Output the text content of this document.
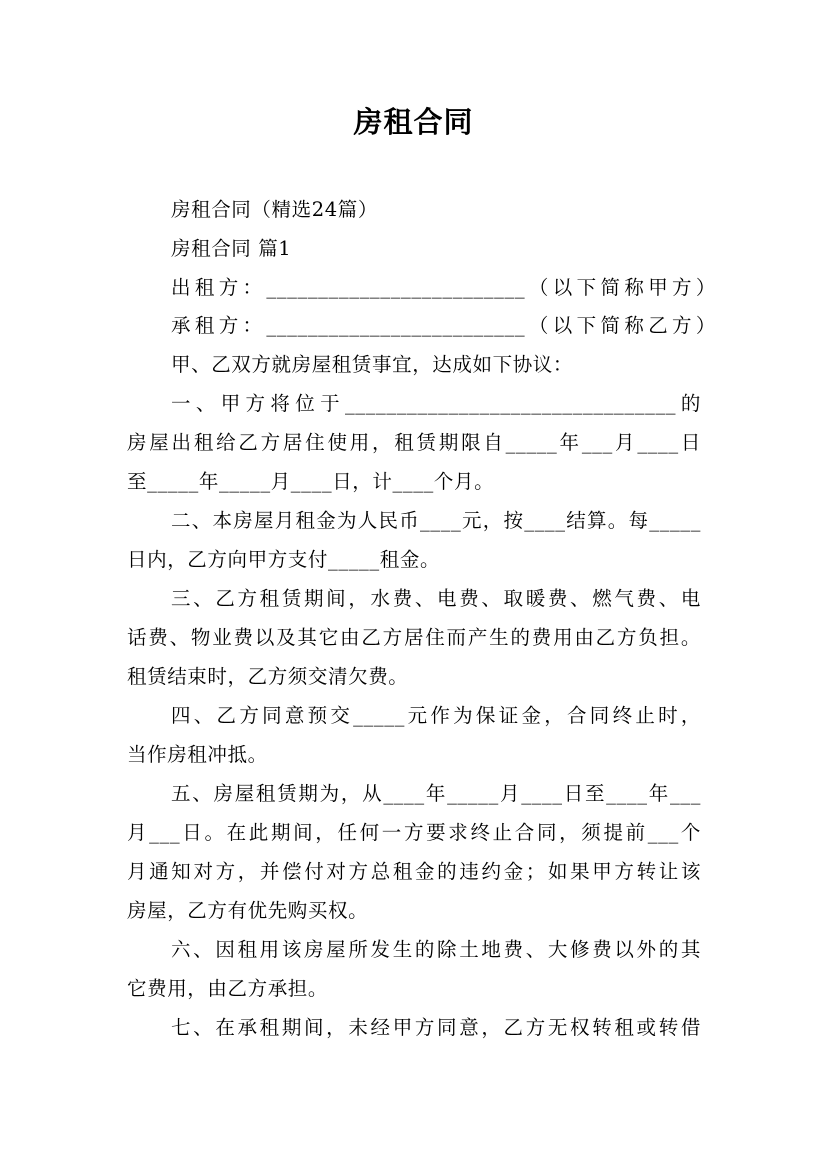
房租合同
房租合同（精选24篇）
房租合同 篇1
出租方：_________________________（以下简称甲方）
承租方：_________________________（以下简称乙方）
甲、乙双方就房屋租赁事宜，达成如下协议：
一、甲方将位于________________________________的
房屋出租给乙方居住使用，租赁期限自_____年___月____日
至_____年_____月____日，计____个月。
二、本房屋月租金为人民币____元，按____结算。每_____
日内，乙方向甲方支付_____租金。
三、乙方租赁期间，水费、电费、取暖费、燃气费、电
话费、物业费以及其它由乙方居住而产生的费用由乙方负担。
租赁结束时，乙方须交清欠费。
四、乙方同意预交_____元作为保证金，合同终止时，
当作房租冲抵。
五、房屋租赁期为，从____年_____月____日至____年___
月___日。在此期间，任何一方要求终止合同，须提前___个
月通知对方，并偿付对方总租金的违约金；如果甲方转让该
房屋，乙方有优先购买权。
六、因租用该房屋所发生的除土地费、大修费以外的其
它费用，由乙方承担。
七、在承租期间，未经甲方同意，乙方无权转租或转借
